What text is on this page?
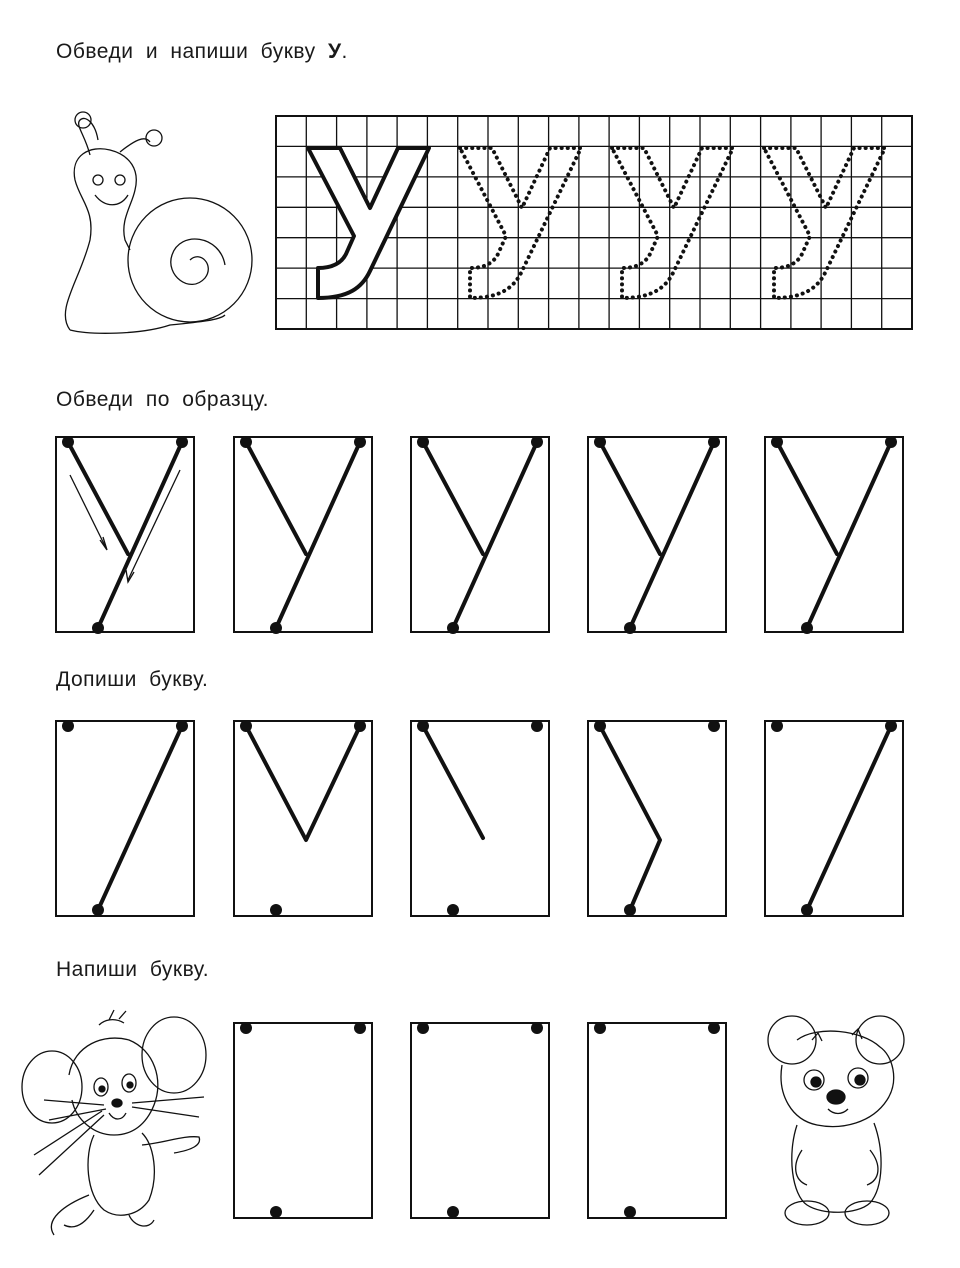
Обведи и напиши букву У.
Обведи по образцу.
Допиши букву.
Напиши букву.
